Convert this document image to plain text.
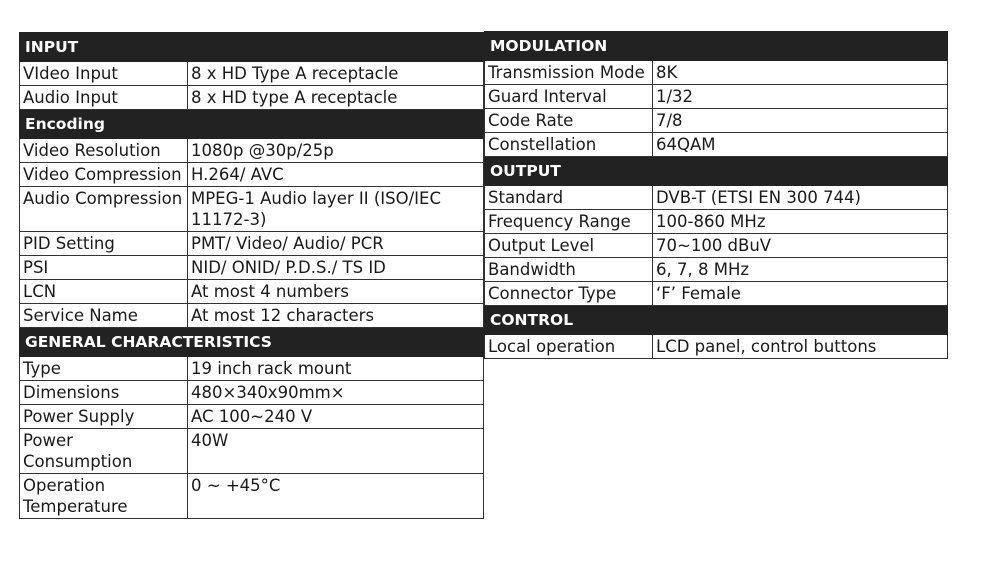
INPUT	
VIdeo Input	8 x HD Type A receptacle
Audio Input	8 x HD type A receptacle
Encoding	
Video Resolution	1080p @30p/25p
Video Compression	H.264/ AVC
Audio Compression	MPEG-1 Audio layer II (ISO/IEC 11172-3)
PID Setting	PMT/ Video/ Audio/ PCR
PSI	NID/ ONID/ P.D.S./ TS ID
LCN	At most 4 numbers
Service Name	At most 12 characters
GENERAL CHARACTERISTICS	
Type	19 inch rack mount
Dimensions	480×340x90mm×
Power Supply	AC 100~240 V
Power Consumption	40W
Operation Temperature	0 ~ +45°C
MODULATION	
Transmission Mode	8K
Guard Interval	1/32
Code Rate	7/8
Constellation	64QAM
OUTPUT	
Standard	DVB-T (ETSI EN 300 744)
Frequency Range	100-860 MHz
Output Level	70~100 dBuV
Bandwidth	6, 7, 8 MHz
Connector Type	‘F’ Female
CONTROL	
Local operation	LCD panel, control buttons
